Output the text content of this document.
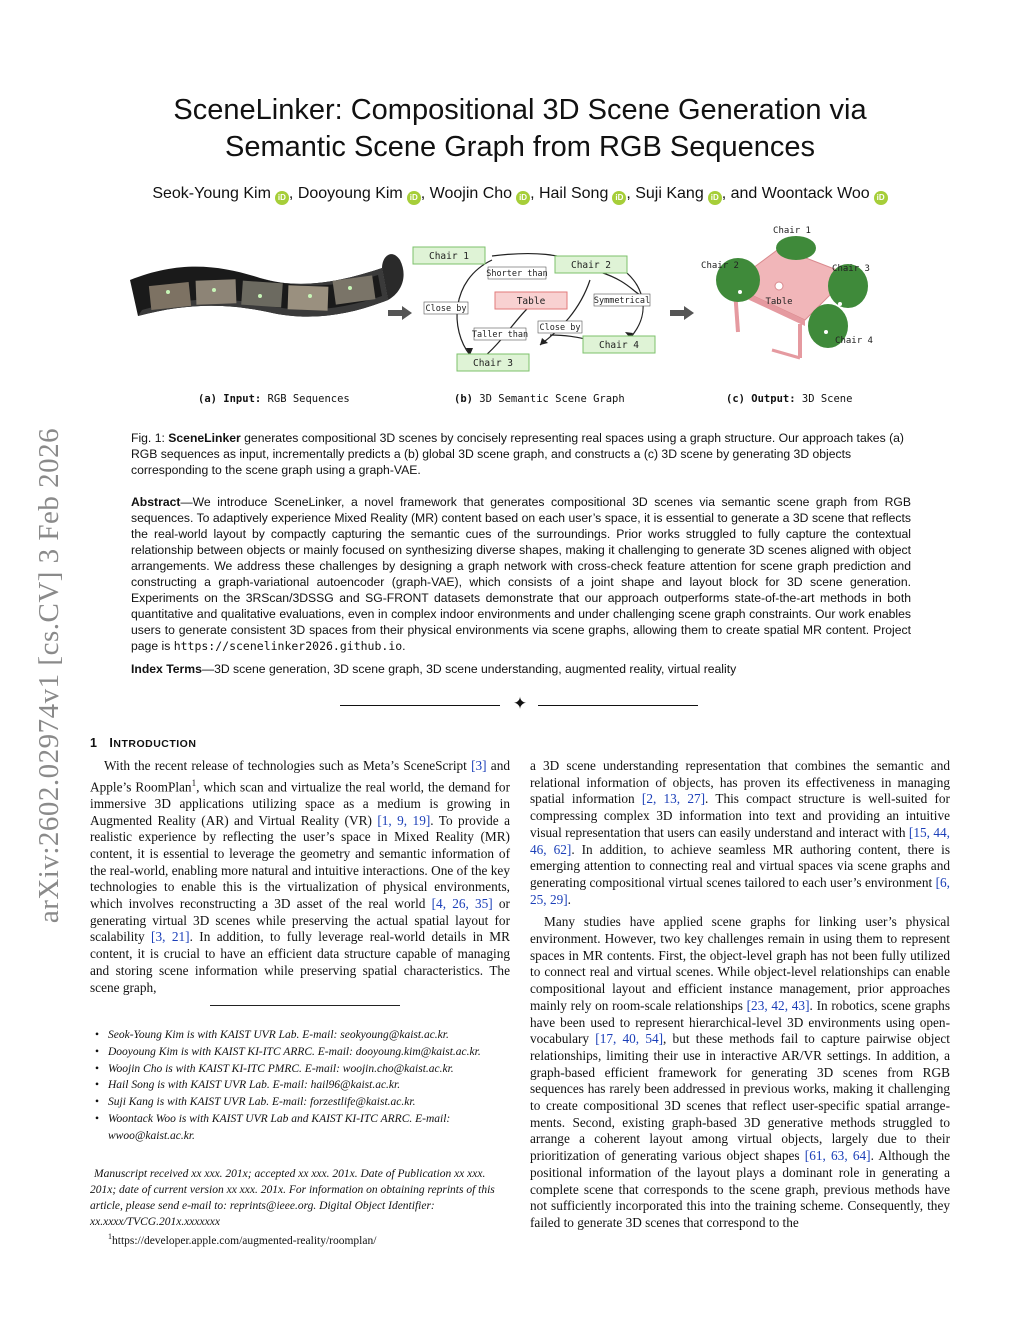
arXiv:2602.02974v1 [cs.CV] 3 Feb 2026
SceneLinker: Compositional 3D Scene Generation via
Semantic Scene Graph from RGB Sequences
Seok-Young Kim iD , Dooyoung Kim iD , Woojin Cho iD , Hail Song iD , Suji Kang iD , and Woontack Woo iD
Chair 1
Chair 2
Table
Chair 3
Chair 4
Shorter than
Symmetrical
Close by
Taller than
Close by
Chair 1
Chair 2	Chair 3
Chair 4
Table
(a) Input: RGB Sequences	(b) 3D Semantic Scene Graph	(c) Output: 3D Scene
Fig. 1: SceneLinker generates compositional 3D scenes by concisely representing real spaces using a graph structure. Our approach takes (a) RGB sequences as input, incrementally predicts a (b) global 3D scene graph, and constructs a (c) 3D scene by generating 3D objects corresponding to the scene graph using a graph-VAE.
Abstract—We introduce SceneLinker, a novel framework that generates compositional 3D scenes via semantic scene graph from RGB sequences. To adaptively experience Mixed Reality (MR) content based on each user’s space, it is essential to generate a 3D scene that reflects the real-world layout by compactly capturing the semantic cues of the surroundings. Prior works struggled to fully capture the contextual relationship between objects or mainly focused on synthesizing diverse shapes, making it challenging to generate 3D scenes aligned with object arrangements. We address these challenges by designing a graph network with cross-check feature attention for scene graph prediction and constructing a graph-variational autoencoder (graph-VAE), which consists of a joint shape and layout block for 3D scene generation. Experiments on the 3RScan/3DSSG and SG-FRONT datasets demonstrate that our approach outperforms state-of-the-art methods in both quantitative and qualitative evaluations, even in complex indoor environments and under challenging scene graph constraints. Our work enables users to generate consistent 3D spaces from their physical environments via scene graphs, allowing them to create spatial MR content. Project page is https://scenelinker2026.github.io.
Index Terms—3D scene generation, 3D scene graph, 3D scene understanding, augmented reality, virtual reality
✦
1 INTRODUCTION

With the recent release of technologies such as Meta’s SceneScript [3] and Apple’s RoomPlan$^1$, which scan and virtualize the real world, the demand for immersive 3D applications utilizing space as a medium is growing in Augmented Reality (AR) and Virtual Reality (VR) [1, 9, 19]. To provide a realistic experience by reflecting the user’s space in Mixed Reality (MR) content, it is essential to leverage the geometry and semantic information of the real-world, enabling more natural and intuitive interactions. One of the key technologies to enable this is the virtualization of physical environments, which involves reconstructing a 3D asset of the real world [4, 26, 35] or generating virtual 3D scenes while preserving the actual spatial layout for scalability [3, 21]. In addition, to fully leverage real-world details in MR content, it is crucial to have an efficient data structure capable of managing and storing scene information while preserving spatial characteristics. The scene graph,

a 3D scene understanding representation that combines the semantic and relational information of objects, has proven its effectiveness in managing spatial information [2, 13, 27]. This compact structure is well-suited for compressing complex 3D information into text and providing an intuitive visual representation that users can easily understand and interact with [15, 44, 46, 62]. In addition, to achieve seamless MR authoring content, there is emerging attention to connecting real and virtual spaces via scene graphs and generating compositional virtual scenes tailored to each user’s environment [6, 25, 29].

Many studies have applied scene graphs for linking user’s physical environment. However, two key challenges remain in using them to represent spaces in MR contents. First, the object-level graph has not been fully utilized to connect real and virtual scenes. While object-level relationships can enable compositional layout and efficient instance management, prior approaches mainly rely on room-scale relationships [23, 42, 43]. In robotics, scene graphs have been used to represent hierarchical-level 3D environments using open-vocabulary [17, 40, 54], but these methods fail to capture pairwise object relationships, limiting their use in interactive AR/VR settings. In addition, a graph-based efficient framework for generating 3D scenes from RGB sequences has rarely been addressed in previous works, making it challenging to create compositional 3D scenes that reflect user-specific spatial arrangements. Second, existing graph-based 3D generative methods struggled to arrange a coherent layout among virtual objects, largely due to their prioritization of generating various object shapes [61, 63, 64]. Although the positional information of the layout plays a dominant role in generating a complete scene that corresponds to the scene graph, previous methods have not sufficiently incorporated this into the training scheme. Consequently, they failed to generate 3D scenes that correspond to the

• Seok-Young Kim is with KAIST UVR Lab. E-mail: seokyoung@kaist.ac.kr.
• Dooyoung Kim is with KAIST KI-ITC ARRC. E-mail: dooyoung.kim@kaist.ac.kr.
• Woojin Cho is with KAIST KI-ITC PMRC. E-mail: woojin.cho@kaist.ac.kr.
• Hail Song is with KAIST UVR Lab. E-mail: hail96@kaist.ac.kr.
• Suji Kang is with KAIST UVR Lab. E-mail: forzestlife@kaist.ac.kr.
• Woontack Woo is with KAIST UVR Lab and KAIST KI-ITC ARRC. E-mail: wwoo@kaist.ac.kr.
Manuscript received xx xxx. 201x; accepted xx xxx. 201x. Date of Publication xx xxx. 201x; date of current version xx xxx. 201x. For information on obtaining reprints of this article, please send e-mail to: reprints@ieee.org. Digital Object Identifier: xx.xxxx/TVCG.201x.xxxxxxx
$^1$https://developer.apple.com/augmented-reality/roomplan/
